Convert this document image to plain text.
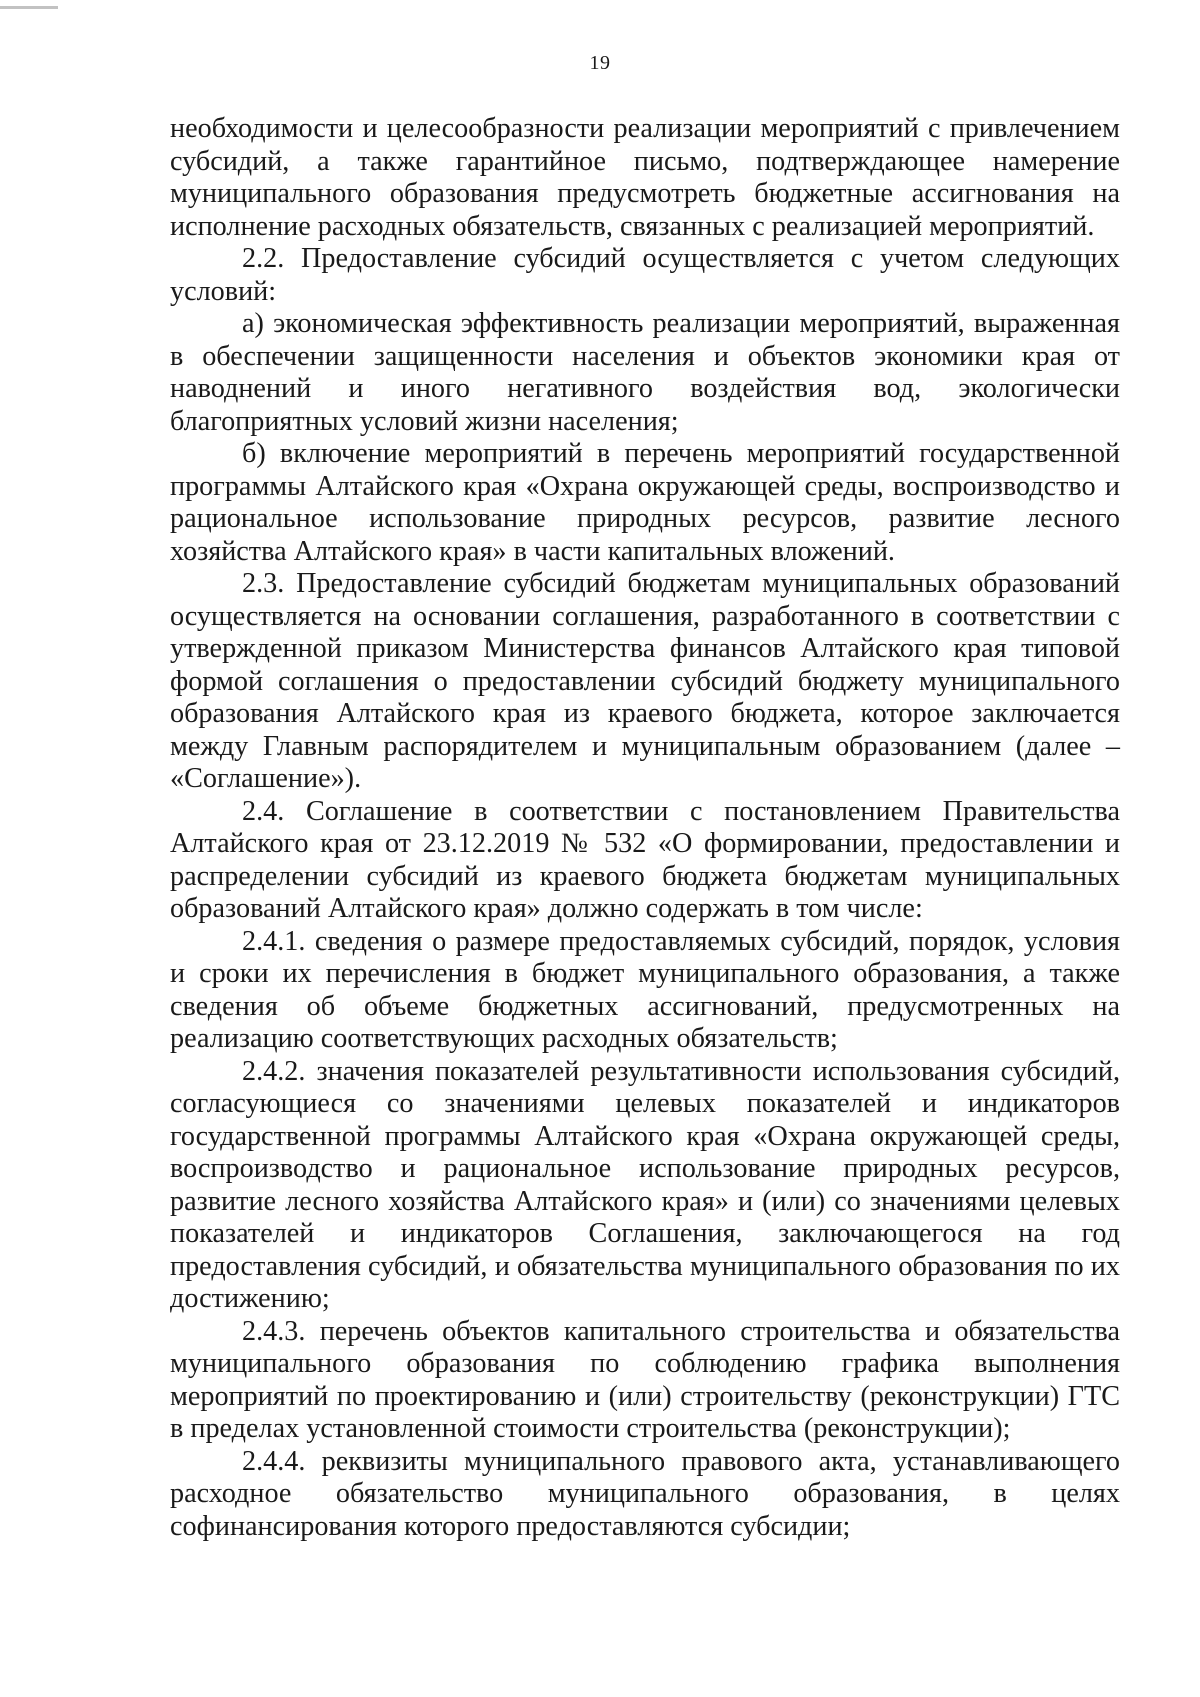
19

необходимости и целесообразности реализации мероприятий с привлечением субсидий, а также гарантийное письмо, подтверждающее намерение муниципального образования предусмотреть бюджетные ассигнования на исполнение расходных обязательств, связанных с реализацией мероприятий.

2.2. Предоставление субсидий осуществляется с учетом следующих условий:

а) экономическая эффективность реализации мероприятий, выраженная в обеспечении защищенности населения и объектов экономики края от наводнений и иного негативного воздействия вод, экологически благоприятных условий жизни населения;

б) включение мероприятий в перечень мероприятий государственной программы Алтайского края «Охрана окружающей среды, воспроизводство и рациональное использование природных ресурсов, развитие лесного хозяйства Алтайского края» в части капитальных вложений.

2.3. Предоставление субсидий бюджетам муниципальных образований осуществляется на основании соглашения, разработанного в соответствии с утвержденной приказом Министерства финансов Алтайского края типовой формой соглашения о предоставлении субсидий бюджету муниципального образования Алтайского края из краевого бюджета, которое заключается между Главным распорядителем и муниципальным образованием (далее – «Соглашение»).

2.4. Соглашение в соответствии с постановлением Правительства Алтайского края от 23.12.2019 № 532 «О формировании, предоставлении и распределении субсидий из краевого бюджета бюджетам муниципальных образований Алтайского края» должно содержать в том числе:

2.4.1. сведения о размере предоставляемых субсидий, порядок, условия и сроки их перечисления в бюджет муниципального образования, а также сведения об объеме бюджетных ассигнований, предусмотренных на реализацию соответствующих расходных обязательств;

2.4.2. значения показателей результативности использования субсидий, согласующиеся со значениями целевых показателей и индикаторов государственной программы Алтайского края «Охрана окружающей среды, воспроизводство и рациональное использование природных ресурсов, развитие лесного хозяйства Алтайского края» и (или) со значениями целевых показателей и индикаторов Соглашения, заключающегося на год предоставления субсидий, и обязательства муниципального образования по их достижению;

2.4.3. перечень объектов капитального строительства и обязательства муниципального образования по соблюдению графика выполнения мероприятий по проектированию и (или) строительству (реконструкции) ГТС в пределах установленной стоимости строительства (реконструкции);

2.4.4. реквизиты муниципального правового акта, устанавливающего расходное обязательство муниципального образования, в целях софинансирования которого предоставляются субсидии;
